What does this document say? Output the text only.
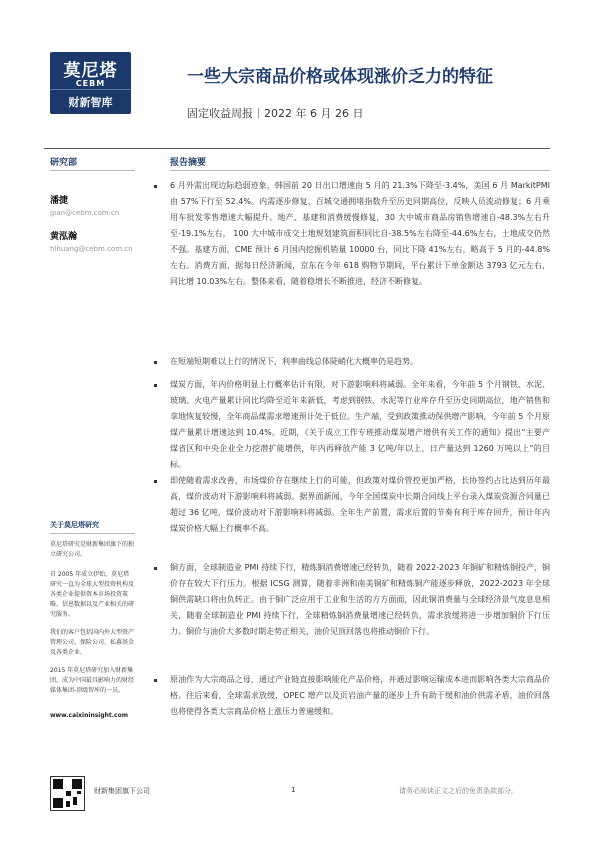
莫尼塔
CEBM
财新智库
一些大宗商品价格或体现涨价乏力的特征
固定收益周报｜2022 年 6 月 26 日
研究部
潘捷
jpan@cebm.com.cn
黄泓瀚
hlhuang@cebm.com.cn
报告摘要
6 月外需出现边际趋弱迹象，韩国前 20 日出口增速由 5 月的 21.3%下降至-3.4%，美国 6 月 MarkitPMI 由 57%下行至 52.4%。内需逐步修复，百城交通拥堵指数升至历史同期高位，反映人员流动修复；6 月乘用车批发零售增速大幅提升。地产、基建和消费缓慢修复，30 大中城市商品房销售增速自-48.3%左右升至-19.1%左右， 100 大中城市成交土地规划建筑面积同比自-38.5%左右降至-44.6%左右，土地成交仍然不强。基建方面，CME 预计 6 月国内挖掘机销量 10000 台，同比下降 41%左右，略高于 5 月的-44.8%左右。消费方面，据每日经济新闻，京东在今年 618 购物节期间，平台累计下单金额达 3793 亿元左右，同比增 10.03%左右。整体来看，随着稳增长不断推进，经济不断修复。
在短端短期难以上行的情况下，利率曲线总体陡峭化大概率仍是趋势。
煤炭方面，年内价格明显上行概率估计有限，对下游影响料将减弱。全年来看，今年前 5 个月钢铁、水泥、玻璃、火电产量累计同比均降至近年来新低，考虑到钢铁、水泥等行业库存升至历史同期高位，地产销售和拿地恢复较慢，全年商品煤需求增速预计处于低位。生产端，受到政策推动保供增产影响，今年前 5 个月原煤产量累计增速达到 10.4%。近期，《关于成立工作专班推动煤炭增产增供有关工作的通知》提出“主要产煤省区和中央企业全力挖潜扩能增供，年内再释放产能 3 亿吨/年以上，日产量达到 1260 万吨以上”的目标。
即使随着需求改善，市场煤价存在继续上行的可能，但政策对煤价管控更加严格，长协签约占比达到历年最高，煤价波动对下游影响料将减弱。据界面新闻，今年全国煤炭中长期合同线上平台录入煤炭资源合同量已超过 36 亿吨，煤价波动对下游影响料将减弱。全年生产前置，需求后置的节奏有利于库存回升，预计年内煤炭价格大幅上行概率不高。
铜方面，全球制造业 PMI 持续下行，精炼铜消费增速已经转负，随着 2022-2023 年铜矿和精炼铜投产，铜价存在较大下行压力。根据 ICSG 测算，随着非洲和南美铜矿和精炼铜产能逐步释放，2022-2023 年全球铜供需缺口将由负转正。由于铜广泛应用于工业和生活的方方面面，因此铜消费量与全球经济景气度息息相关，随着全球制造业 PMI 持续下行，全球精炼铜消费量增速已经转负，需求放缓将进一步增加铜价下行压力。铜价与油价大多数时期走势正相关，油价见顶回落也将推动铜价下行。
原油作为大宗商品之母，通过产业链直接影响能化产品价格，并通过影响运输成本进而影响各类大宗商品价格。往后来看，全球需求放缓，OPEC 增产以及页岩油产量的逐步上升有助于缓和油价供需矛盾，油价回落也将使得各类大宗商品价格上涨压力普遍缓和。
关于莫尼塔研究
莫尼塔研究是财新集团旗下的独立研究公司。
自 2005 年成立伊始，莫尼塔研究一直为全球大型投资机构及各类企业提供资本市场投资策略、信息数据以及产业相关的研究服务。
我们的客户包括国内外大型资产管理公司、保险公司、私募基金及各类企业。
2015 年莫尼塔研究加入财新集团，成为中国最具影响力的财经媒体集团-顶级智库的一员。
www.caixininsight.com
财新集团旗下公司	1	请务必阅读正文之后的免责条款部分。
